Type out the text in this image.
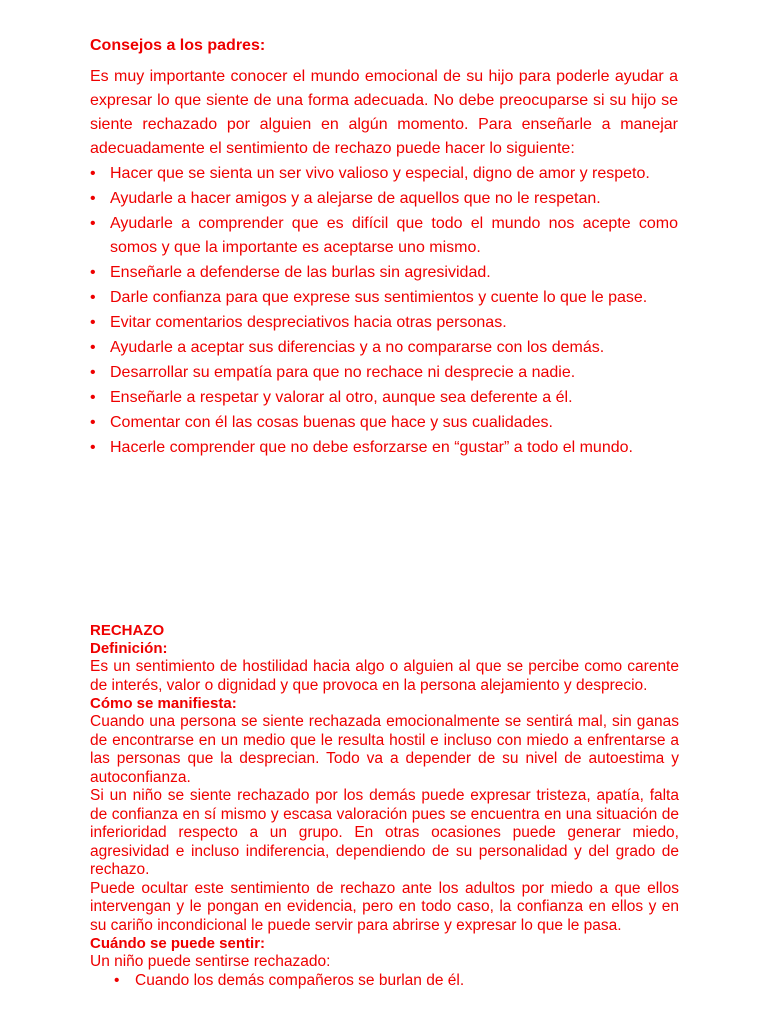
Consejos a los padres:

Es muy importante conocer el mundo emocional de su hijo para poderle ayudar a expresar lo que siente de una forma adecuada. No debe preocuparse si su hijo se siente rechazado por alguien en algún momento. Para enseñarle a manejar adecuadamente el sentimiento de rechazo puede hacer lo siguiente:

• Hacer que se sienta un ser vivo valioso y especial, digno de amor y respeto.
• Ayudarle a hacer amigos y a alejarse de aquellos que no le respetan.
• Ayudarle a comprender que es difícil que todo el mundo nos acepte como somos y que la importante es aceptarse uno mismo.
• Enseñarle a defenderse de las burlas sin agresividad.
• Darle confianza para que exprese sus sentimientos y cuente lo que le pase.
• Evitar comentarios despreciativos hacia otras personas.
• Ayudarle a aceptar sus diferencias y a no compararse con los demás.
• Desarrollar su empatía para que no rechace ni desprecie a nadie.
• Enseñarle a respetar y valorar al otro, aunque sea deferente a él.
• Comentar con él las cosas buenas que hace y sus cualidades.
• Hacerle comprender que no debe esforzarse en “gustar” a todo el mundo.

RECHAZO

Definición:

Es un sentimiento de hostilidad hacia algo o alguien al que se percibe como carente de interés, valor o dignidad y que provoca en la persona alejamiento y desprecio.

Cómo se manifiesta:

Cuando una persona se siente rechazada emocionalmente se sentirá mal, sin ganas de encontrarse en un medio que le resulta hostil e incluso con miedo a enfrentarse a las personas que la desprecian. Todo va a depender de su nivel de autoestima y autoconfianza.

Si un niño se siente rechazado por los demás puede expresar tristeza, apatía, falta de confianza en sí mismo y escasa valoración pues se encuentra en una situación de inferioridad respecto a un grupo. En otras ocasiones puede generar miedo, agresividad e incluso indiferencia, dependiendo de su personalidad y del grado de rechazo.

Puede ocultar este sentimiento de rechazo ante los adultos por miedo a que ellos intervengan y le pongan en evidencia, pero en todo caso, la confianza en ellos y en su cariño incondicional le puede servir para abrirse y expresar lo que le pasa.

Cuándo se puede sentir:

Un niño puede sentirse rechazado:

• Cuando los demás compañeros se burlan de él.
